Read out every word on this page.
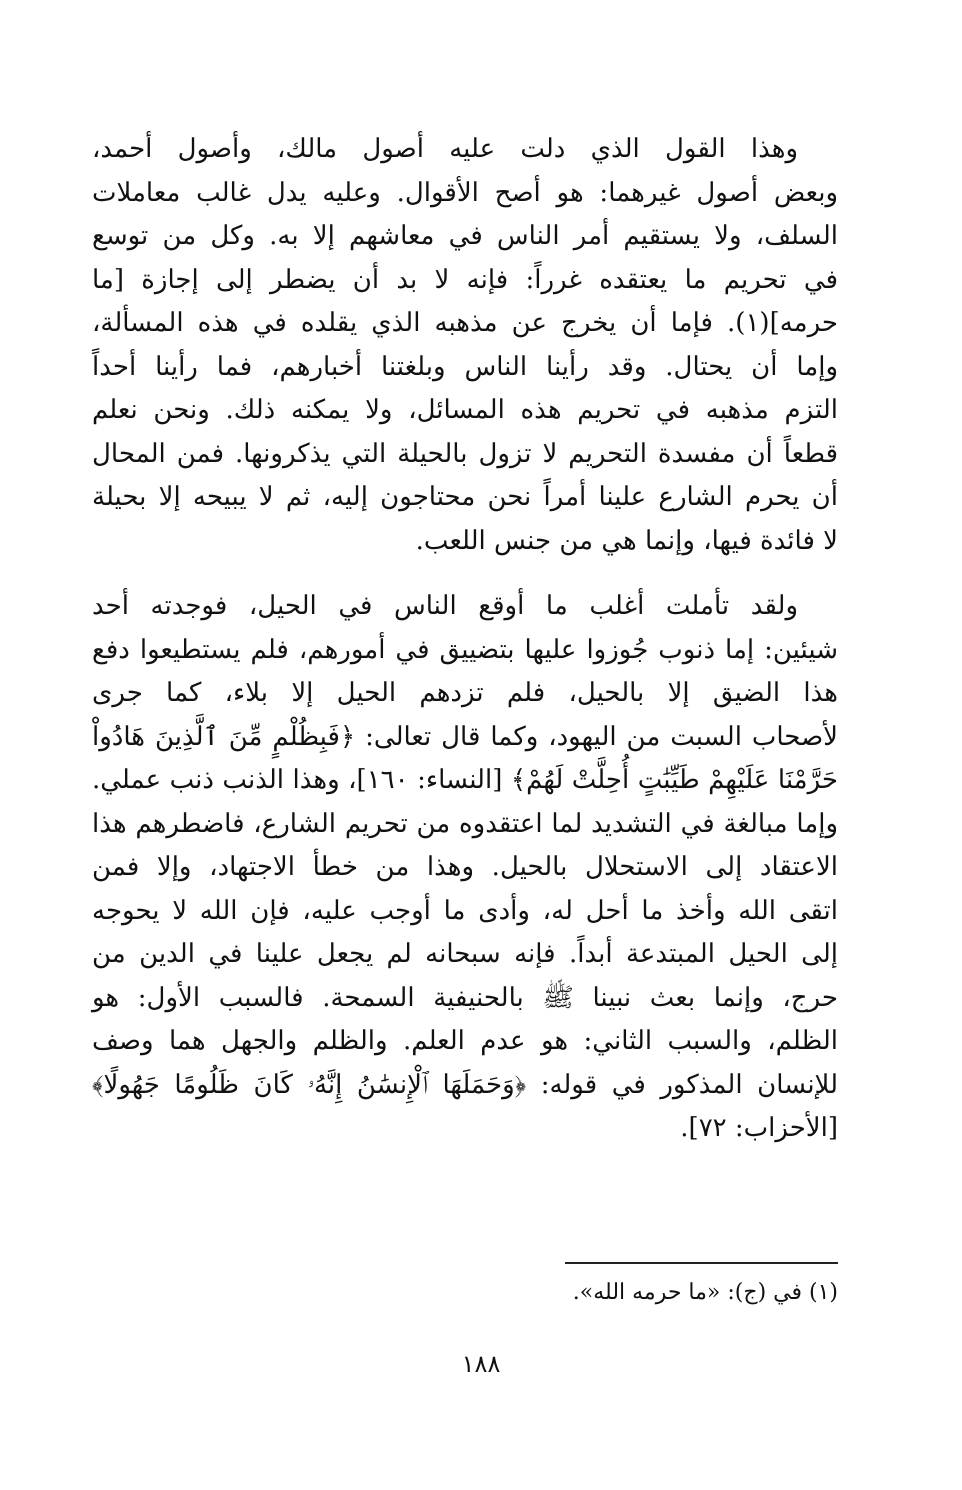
وهذا القول الذي دلت عليه أصول مالك، وأصول أحمد،
وبعض أصول غيرهما: هو أصح الأقوال. وعليه يدل غالب معاملات
السلف، ولا يستقيم أمر الناس في معاشهم إلا به. وكل من توسع
في تحريم ما يعتقده غرراً: فإنه لا بد أن يضطر إلى إجازة [ما
حرمه](١). فإما أن يخرج عن مذهبه الذي يقلده في هذه المسألة،
وإما أن يحتال. وقد رأينا الناس وبلغتنا أخبارهم، فما رأينا أحداً
التزم مذهبه في تحريم هذه المسائل، ولا يمكنه ذلك. ونحن نعلم
قطعاً أن مفسدة التحريم لا تزول بالحيلة التي يذكرونها. فمن المحال
أن يحرم الشارع علينا أمراً نحن محتاجون إليه، ثم لا يبيحه إلا بحيلة
لا فائدة فيها، وإنما هي من جنس اللعب.
ولقد تأملت أغلب ما أوقع الناس في الحيل، فوجدته أحد
شيئين: إما ذنوب جُوزوا عليها بتضييق في أمورهم، فلم يستطيعوا دفع
هذا الضيق إلا بالحيل، فلم تزدهم الحيل إلا بلاء، كما جرى
لأصحاب السبت من اليهود، وكما قال تعالى: ﴿فَبِظُلْمٍ مِّنَ ٱلَّذِينَ هَادُواْ
حَرَّمْنَا عَلَيْهِمْ طَيِّبَٰتٍ أُحِلَّتْ لَهُمْ﴾ [النساء: ١٦٠]، وهذا الذنب ذنب عملي.
وإما مبالغة في التشديد لما اعتقدوه من تحريم الشارع، فاضطرهم هذا
الاعتقاد إلى الاستحلال بالحيل. وهذا من خطأ الاجتهاد، وإلا فمن
اتقى الله وأخذ ما أحل له، وأدى ما أوجب عليه، فإن الله لا يحوجه
إلى الحيل المبتدعة أبداً. فإنه سبحانه لم يجعل علينا في الدين من
حرج، وإنما بعث نبينا ﷺ بالحنيفية السمحة. فالسبب الأول: هو
الظلم، والسبب الثاني: هو عدم العلم. والظلم والجهل هما وصف
للإنسان المذكور في قوله: ﴿وَحَمَلَهَا ٱلْإِنسَٰنُ إِنَّهُۥ كَانَ ظَلُومًا جَهُولًا﴾
[الأحزاب: ٧٢].
(١) في (ج): «ما حرمه الله».
١٨٨
